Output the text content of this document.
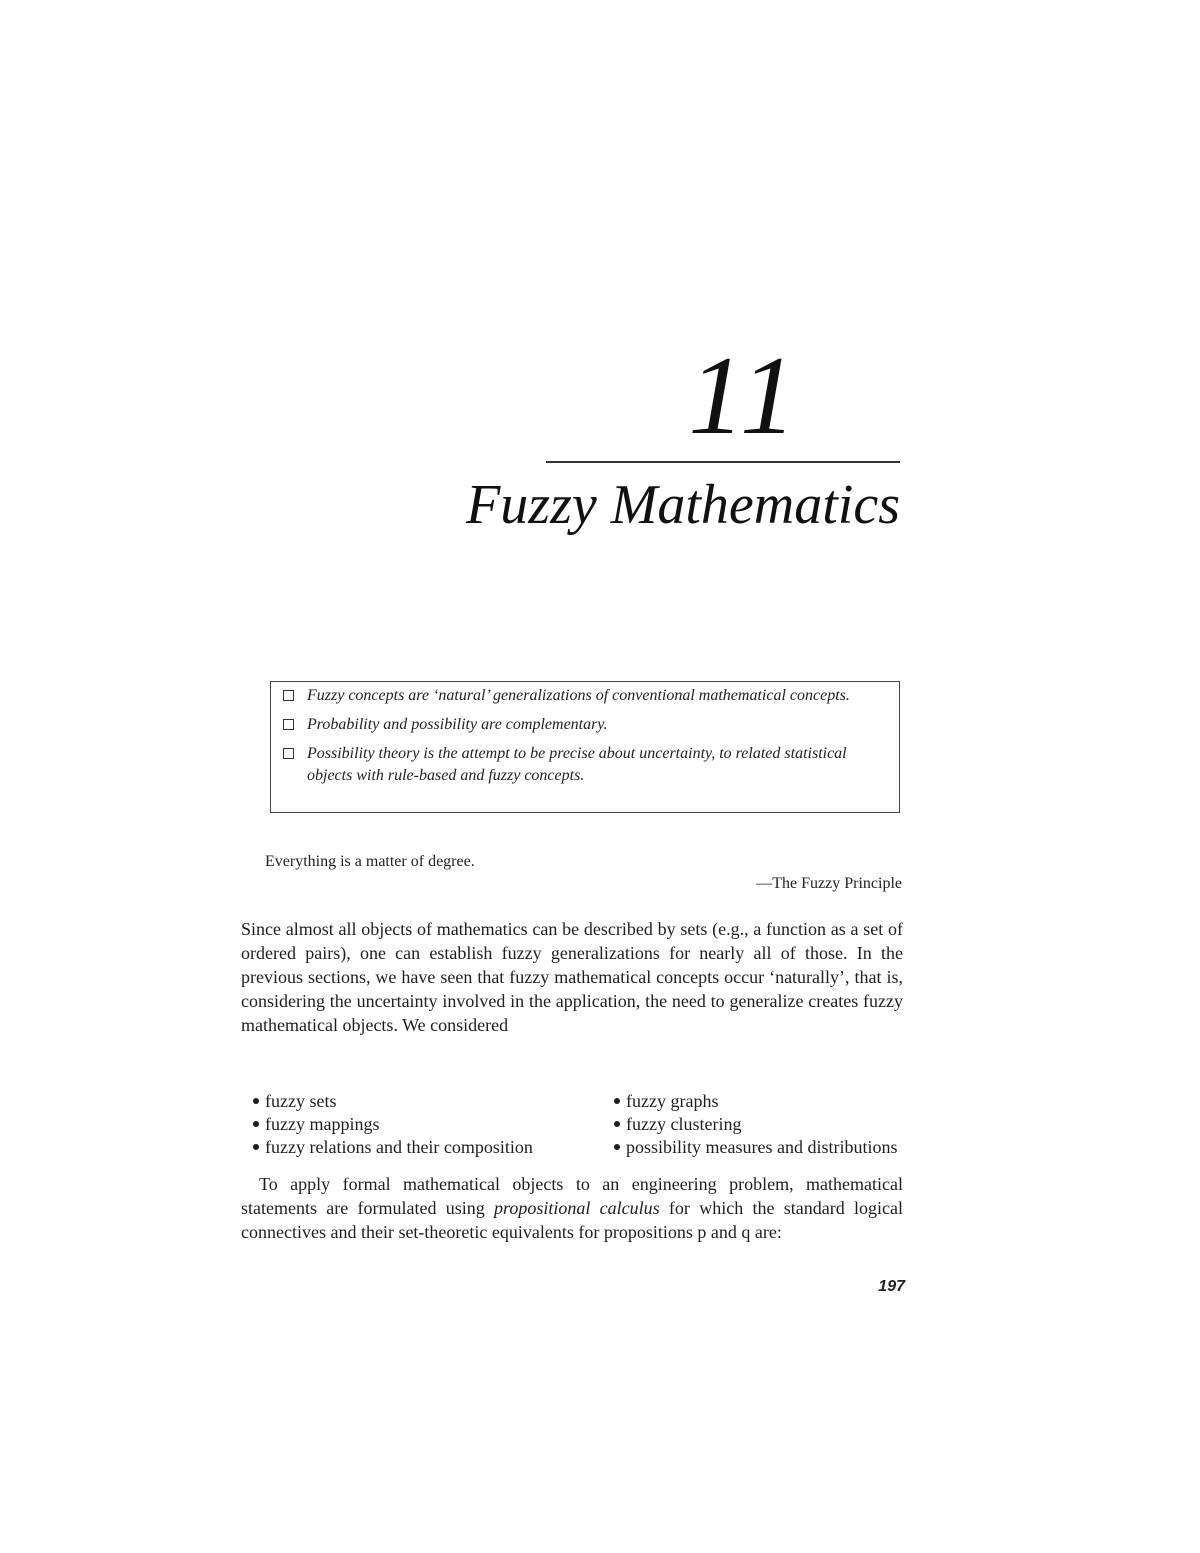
11
Fuzzy Mathematics
Fuzzy concepts are ‘natural’ generalizations of conventional mathematical concepts.
Probability and possibility are complementary.
Possibility theory is the attempt to be precise about uncertainty, to related statistical objects with rule-based and fuzzy concepts.
Everything is a matter of degree.
—The Fuzzy Principle
Since almost all objects of mathematics can be described by sets (e.g., a function as a set of ordered pairs), one can establish fuzzy generalizations for nearly all of those. In the previous sections, we have seen that fuzzy mathematical concepts occur ‘naturally’, that is, considering the uncertainty involved in the application, the need to generalize creates fuzzy mathematical objects. We considered
fuzzy sets
fuzzy mappings
fuzzy relations and their composition
fuzzy graphs
fuzzy clustering
possibility measures and distributions
To apply formal mathematical objects to an engineering problem, mathematical statements are formulated using propositional calculus for which the standard logical connectives and their set-theoretic equivalents for propositions p and q are:
197
